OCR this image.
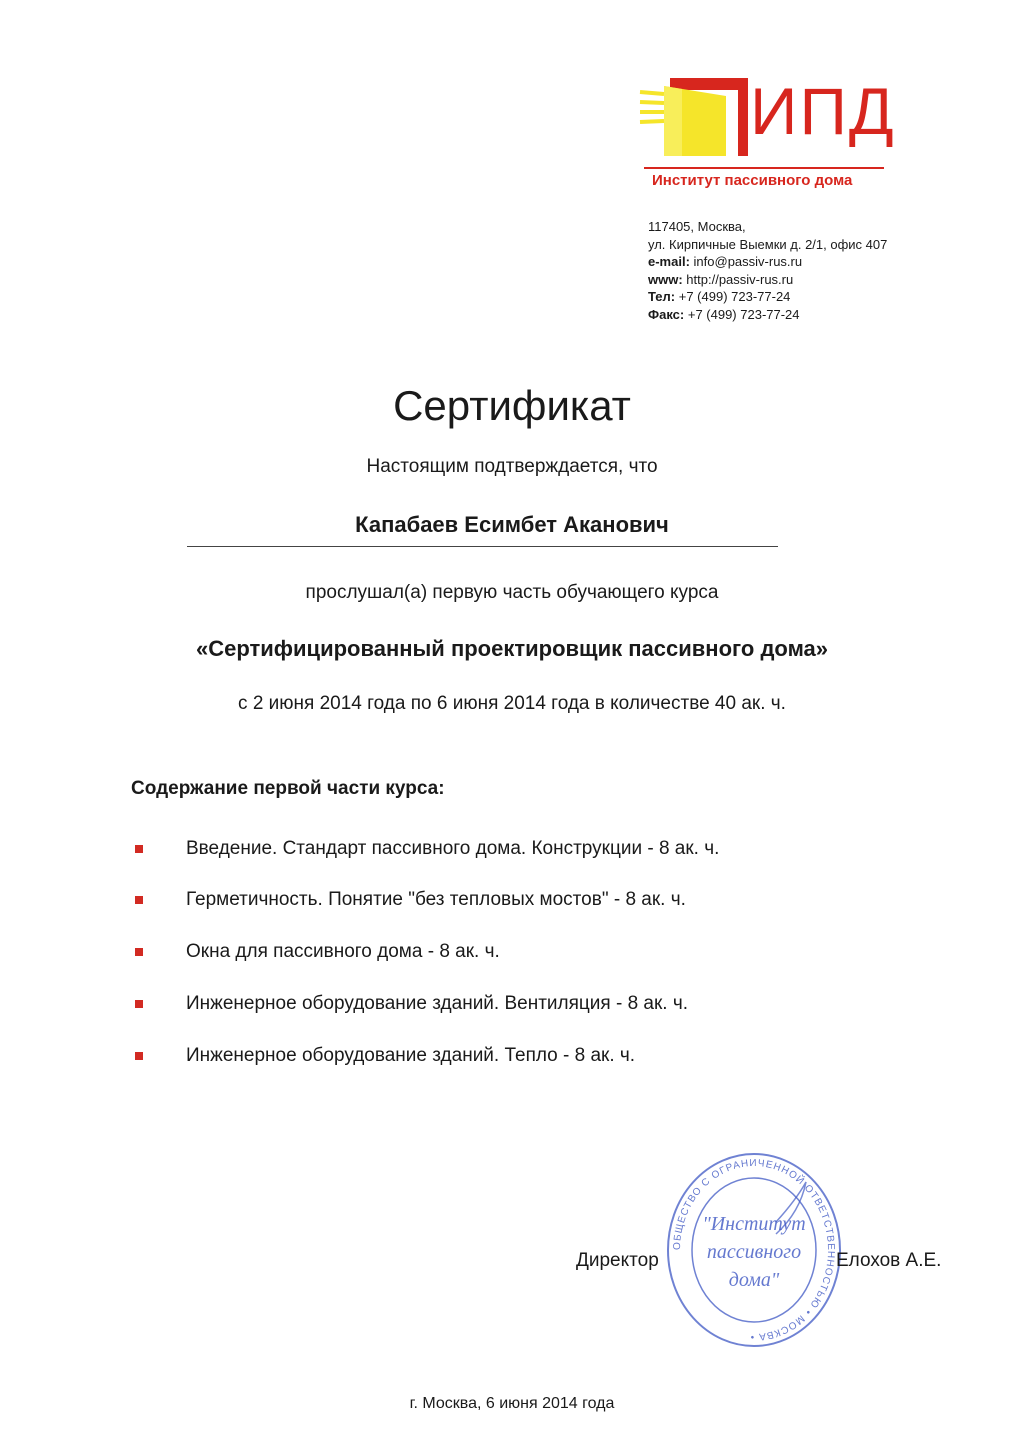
ИПД
Институт пассивного дома
117405, Москва,
ул. Кирпичные Выемки д. 2/1, офис 407
e-mail: info@passiv-rus.ru
www: http://passiv-rus.ru
Тел: +7 (499) 723-77-24
Факс: +7 (499) 723-77-24
Сертификат
Настоящим подтверждается, что
Капабаев Есимбет Аканович
прослушал(а) первую часть обучающего курса
«Сертифицированный проектировщик пассивного дома»
с 2 июня 2014 года по 6 июня 2014 года в количестве 40 ак. ч.
Содержание первой части курса:
Введение. Стандарт пассивного дома. Конструкции - 8 ак. ч.
Герметичность. Понятие "без тепловых мостов" - 8 ак. ч.
Окна для пассивного дома - 8 ак. ч.
Инженерное оборудование зданий. Вентиляция - 8 ак. ч.
Инженерное оборудование зданий. Тепло - 8 ак. ч.
ОБЩЕСТВО С ОГРАНИЧЕННОЙ ОТВЕТСТВЕННОСТЬЮ • МОСКВА •
"Институт
пассивного
дома"
Директор	Елохов А.Е.
г. Москва, 6 июня 2014 года
